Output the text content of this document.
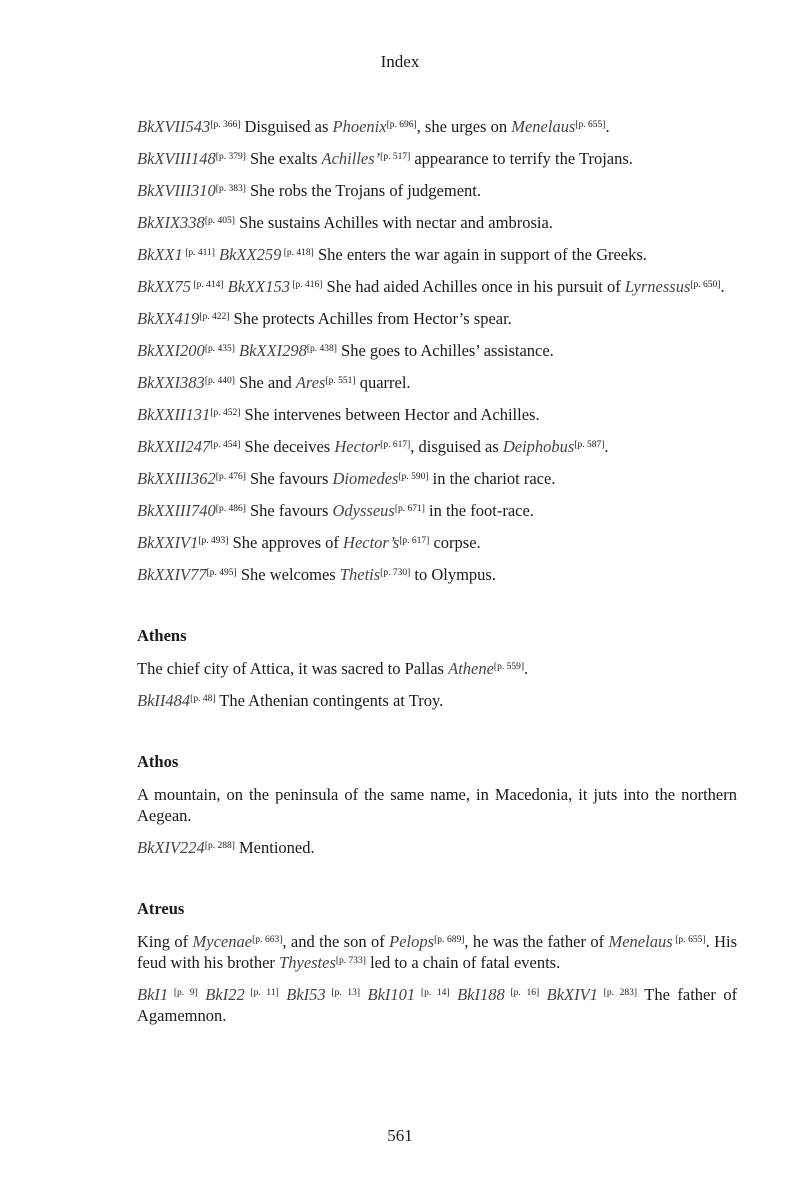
Index

BkXVII543[p. 366] Disguised as Phoenix[p. 696], she urges on Menelaus[p. 655].

BkXVIII148[p. 379] She exalts Achilles’[p. 517] appearance to terrify the Trojans.

BkXVIII310[p. 383] She robs the Trojans of judgement.

BkXIX338[p. 405] She sustains Achilles with nectar and ambrosia.

BkXX1 [p. 411] BkXX259 [p. 418] She enters the war again in support of the Greeks.

BkXX75 [p. 414] BkXX153 [p. 416] She had aided Achilles once in his pursuit of Lyrnessus[p. 650].

BkXX419[p. 422] She protects Achilles from Hector’s spear.

BkXXI200[p. 435] BkXXI298[p. 438] She goes to Achilles’ assistance.

BkXXI383[p. 440] She and Ares[p. 551] quarrel.

BkXXII131[p. 452] She intervenes between Hector and Achilles.

BkXXII247[p. 454] She deceives Hector[p. 617], disguised as Deiphobus[p. 587].

BkXXIII362[p. 476] She favours Diomedes[p. 590] in the chariot race.

BkXXIII740[p. 486] She favours Odysseus[p. 671] in the foot-race.

BkXXIV1[p. 493] She approves of Hector’s[p. 617] corpse.

BkXXIV77[p. 495] She welcomes Thetis[p. 730] to Olympus.

Athens

The chief city of Attica, it was sacred to Pallas Athene[p. 559].

BkII484[p. 48] The Athenian contingents at Troy.

Athos

A mountain, on the peninsula of the same name, in Macedonia, it juts into the northern Aegean.

BkXIV224[p. 288] Mentioned.

Atreus

King of Mycenae[p. 663], and the son of Pelops[p. 689], he was the father of Menelaus [p. 655]. His feud with his brother Thyestes[p. 733] led to a chain of fatal events.

BkI1 [p. 9] BkI22 [p. 11] BkI53 [p. 13] BkI101 [p. 14] BkI188 [p. 16] BkXIV1 [p. 283] The father of Agamemnon.

561
